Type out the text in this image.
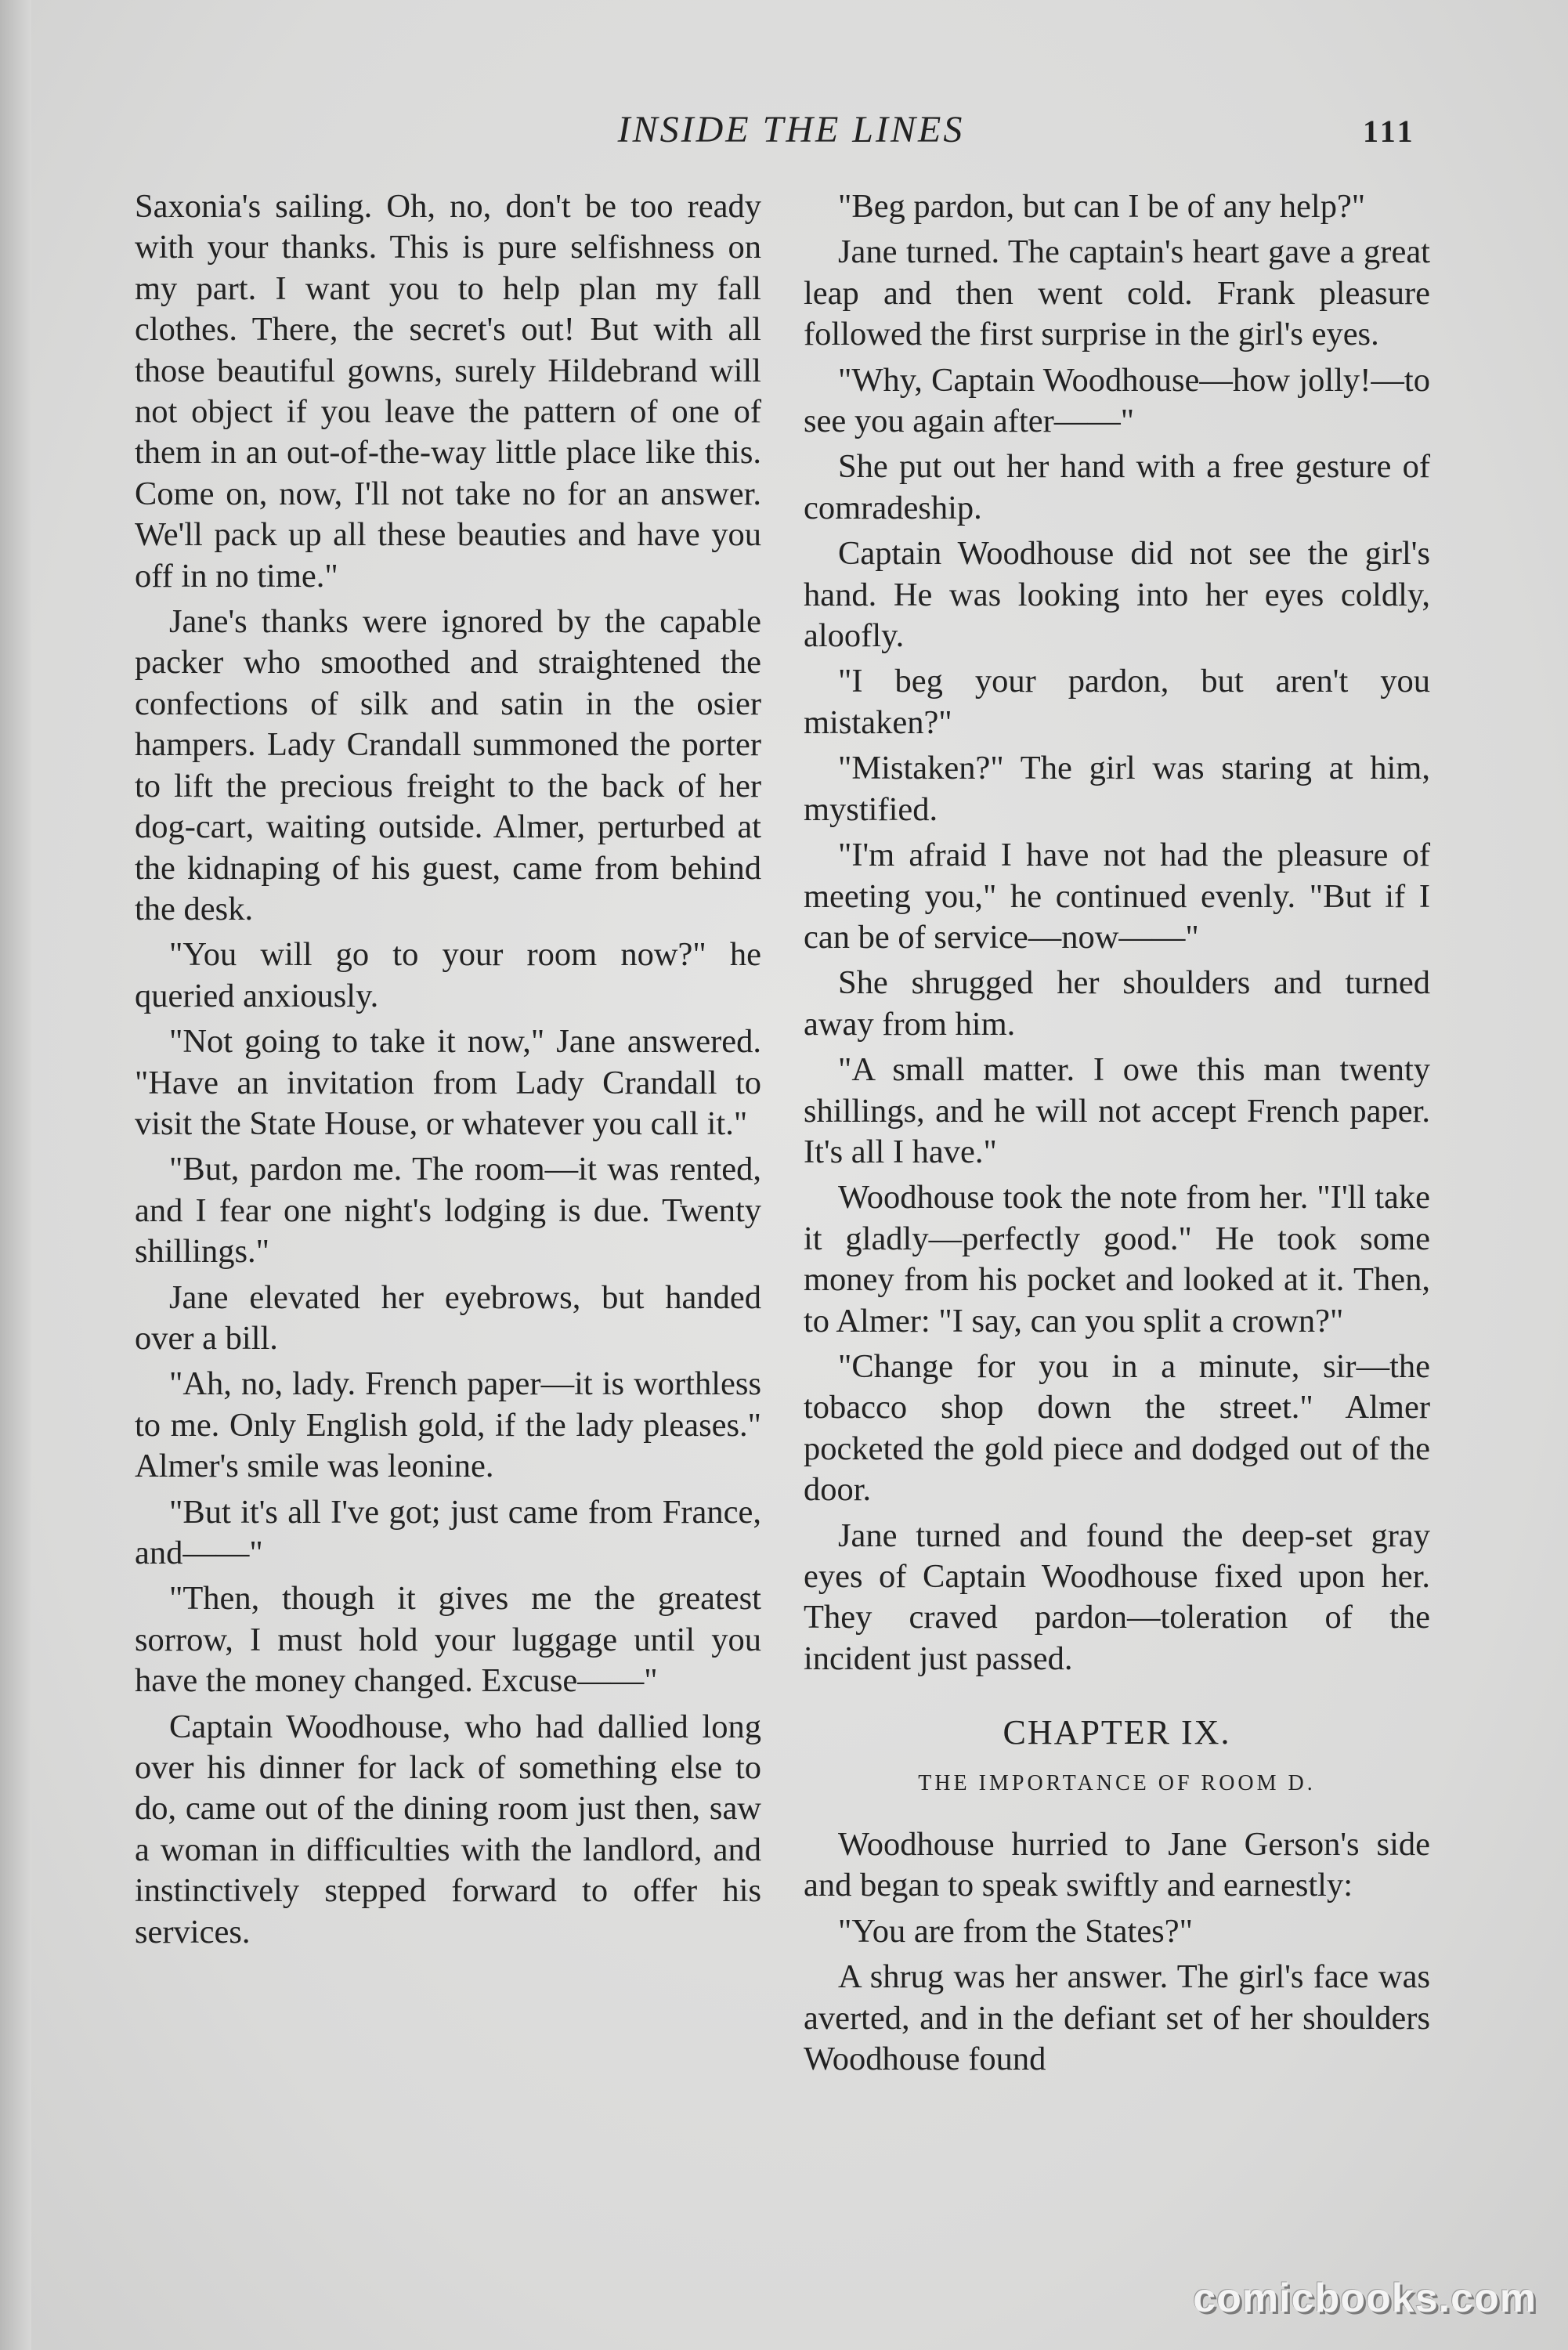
INSIDE THE LINES	111

Saxonia's sailing. Oh, no, don't be too ready with your thanks. This is pure selfishness on my part. I want you to help plan my fall clothes. There, the secret's out! But with all those beautiful gowns, surely Hildebrand will not object if you leave the pattern of one of them in an out-of-the-way little place like this. Come on, now, I'll not take no for an answer. We'll pack up all these beauties and have you off in no time."

Jane's thanks were ignored by the capable packer who smoothed and straightened the confections of silk and satin in the osier hampers. Lady Crandall summoned the porter to lift the precious freight to the back of her dog-cart, waiting outside. Almer, perturbed at the kidnaping of his guest, came from behind the desk.

"You will go to your room now?" he queried anxiously.

"Not going to take it now," Jane answered. "Have an invitation from Lady Crandall to visit the State House, or whatever you call it."

"But, pardon me. The room—it was rented, and I fear one night's lodging is due. Twenty shillings."

Jane elevated her eyebrows, but handed over a bill.

"Ah, no, lady. French paper—it is worthless to me. Only English gold, if the lady pleases." Almer's smile was leonine.

"But it's all I've got; just came from France, and——"

"Then, though it gives me the greatest sorrow, I must hold your luggage until you have the money changed. Excuse——"

Captain Woodhouse, who had dallied long over his dinner for lack of something else to do, came out of the dining room just then, saw a woman in difficulties with the landlord, and instinctively stepped forward to offer his services.

"Beg pardon, but can I be of any help?"

Jane turned. The captain's heart gave a great leap and then went cold. Frank pleasure followed the first surprise in the girl's eyes.

"Why, Captain Woodhouse—how jolly!—to see you again after——"

She put out her hand with a free gesture of comradeship.

Captain Woodhouse did not see the girl's hand. He was looking into her eyes coldly, aloofly.

"I beg your pardon, but aren't you mistaken?"

"Mistaken?" The girl was staring at him, mystified.

"I'm afraid I have not had the pleasure of meeting you," he continued evenly. "But if I can be of service—now——"

She shrugged her shoulders and turned away from him.

"A small matter. I owe this man twenty shillings, and he will not accept French paper. It's all I have."

Woodhouse took the note from her. "I'll take it gladly—perfectly good." He took some money from his pocket and looked at it. Then, to Almer: "I say, can you split a crown?"

"Change for you in a minute, sir—the tobacco shop down the street." Almer pocketed the gold piece and dodged out of the door.

Jane turned and found the deep-set gray eyes of Captain Woodhouse fixed upon her. They craved pardon—toleration of the incident just passed.

CHAPTER IX.

THE IMPORTANCE OF ROOM D.

Woodhouse hurried to Jane Gerson's side and began to speak swiftly and earnestly:

"You are from the States?"

A shrug was her answer. The girl's face was averted, and in the defiant set of her shoulders Woodhouse found

comicbooks.com
